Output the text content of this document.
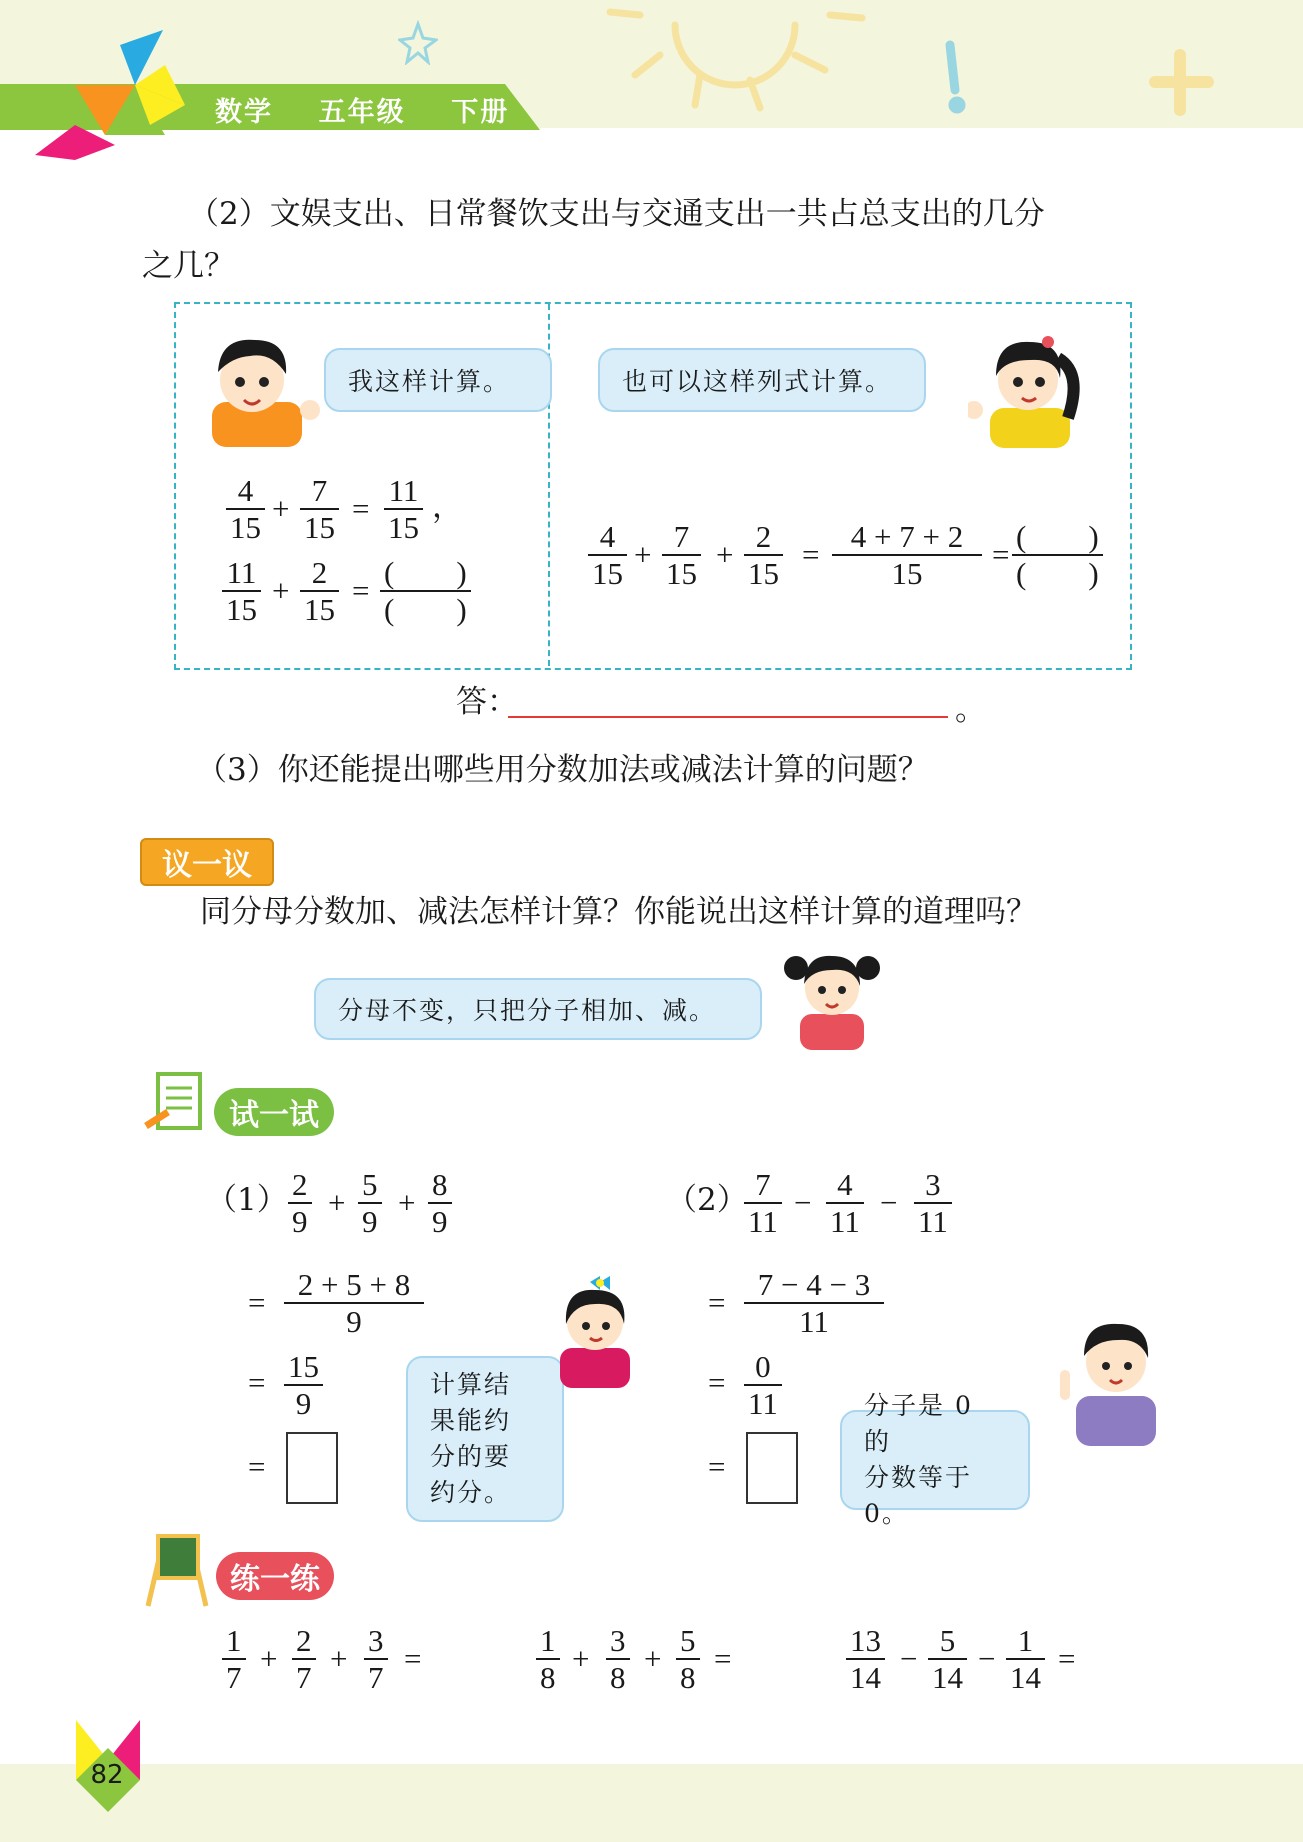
数学    五年级    下册
（2）文娱支出、日常餐饮支出与交通支出一共占总支出的几分
之几？
我这样计算。	也可以这样列式计算。
4
15
+
7
15
=
11
15
，
11
15
+
2
15
=
(        )
(        )
4
15
+
7
15
+
2
15
=
4 + 7 + 2
15
=
(        )
(        )
答：	。
（3）你还能提出哪些用分数加法或减法计算的问题？
议一议
同分母分数加、减法怎样计算？你能说出这样计算的道理吗？
分母不变，只把分子相加、减。
试一试
（1） 2
9
+
5
9
+
8
9
=
2 + 5 + 8
9
= 15
9
=
计算结
果能约
分的要
约分。
（2） 7
11
−
4
11
−
3
11
=
7 − 4 − 3
11
= 0
11
=
分子是 0 的
分数等于 0。
练一练
1
7
+
2
7
+
3
7
=
1
8
+
3
8
+
5
8
=
13
14
−
5
14
−
1
14
=
82
